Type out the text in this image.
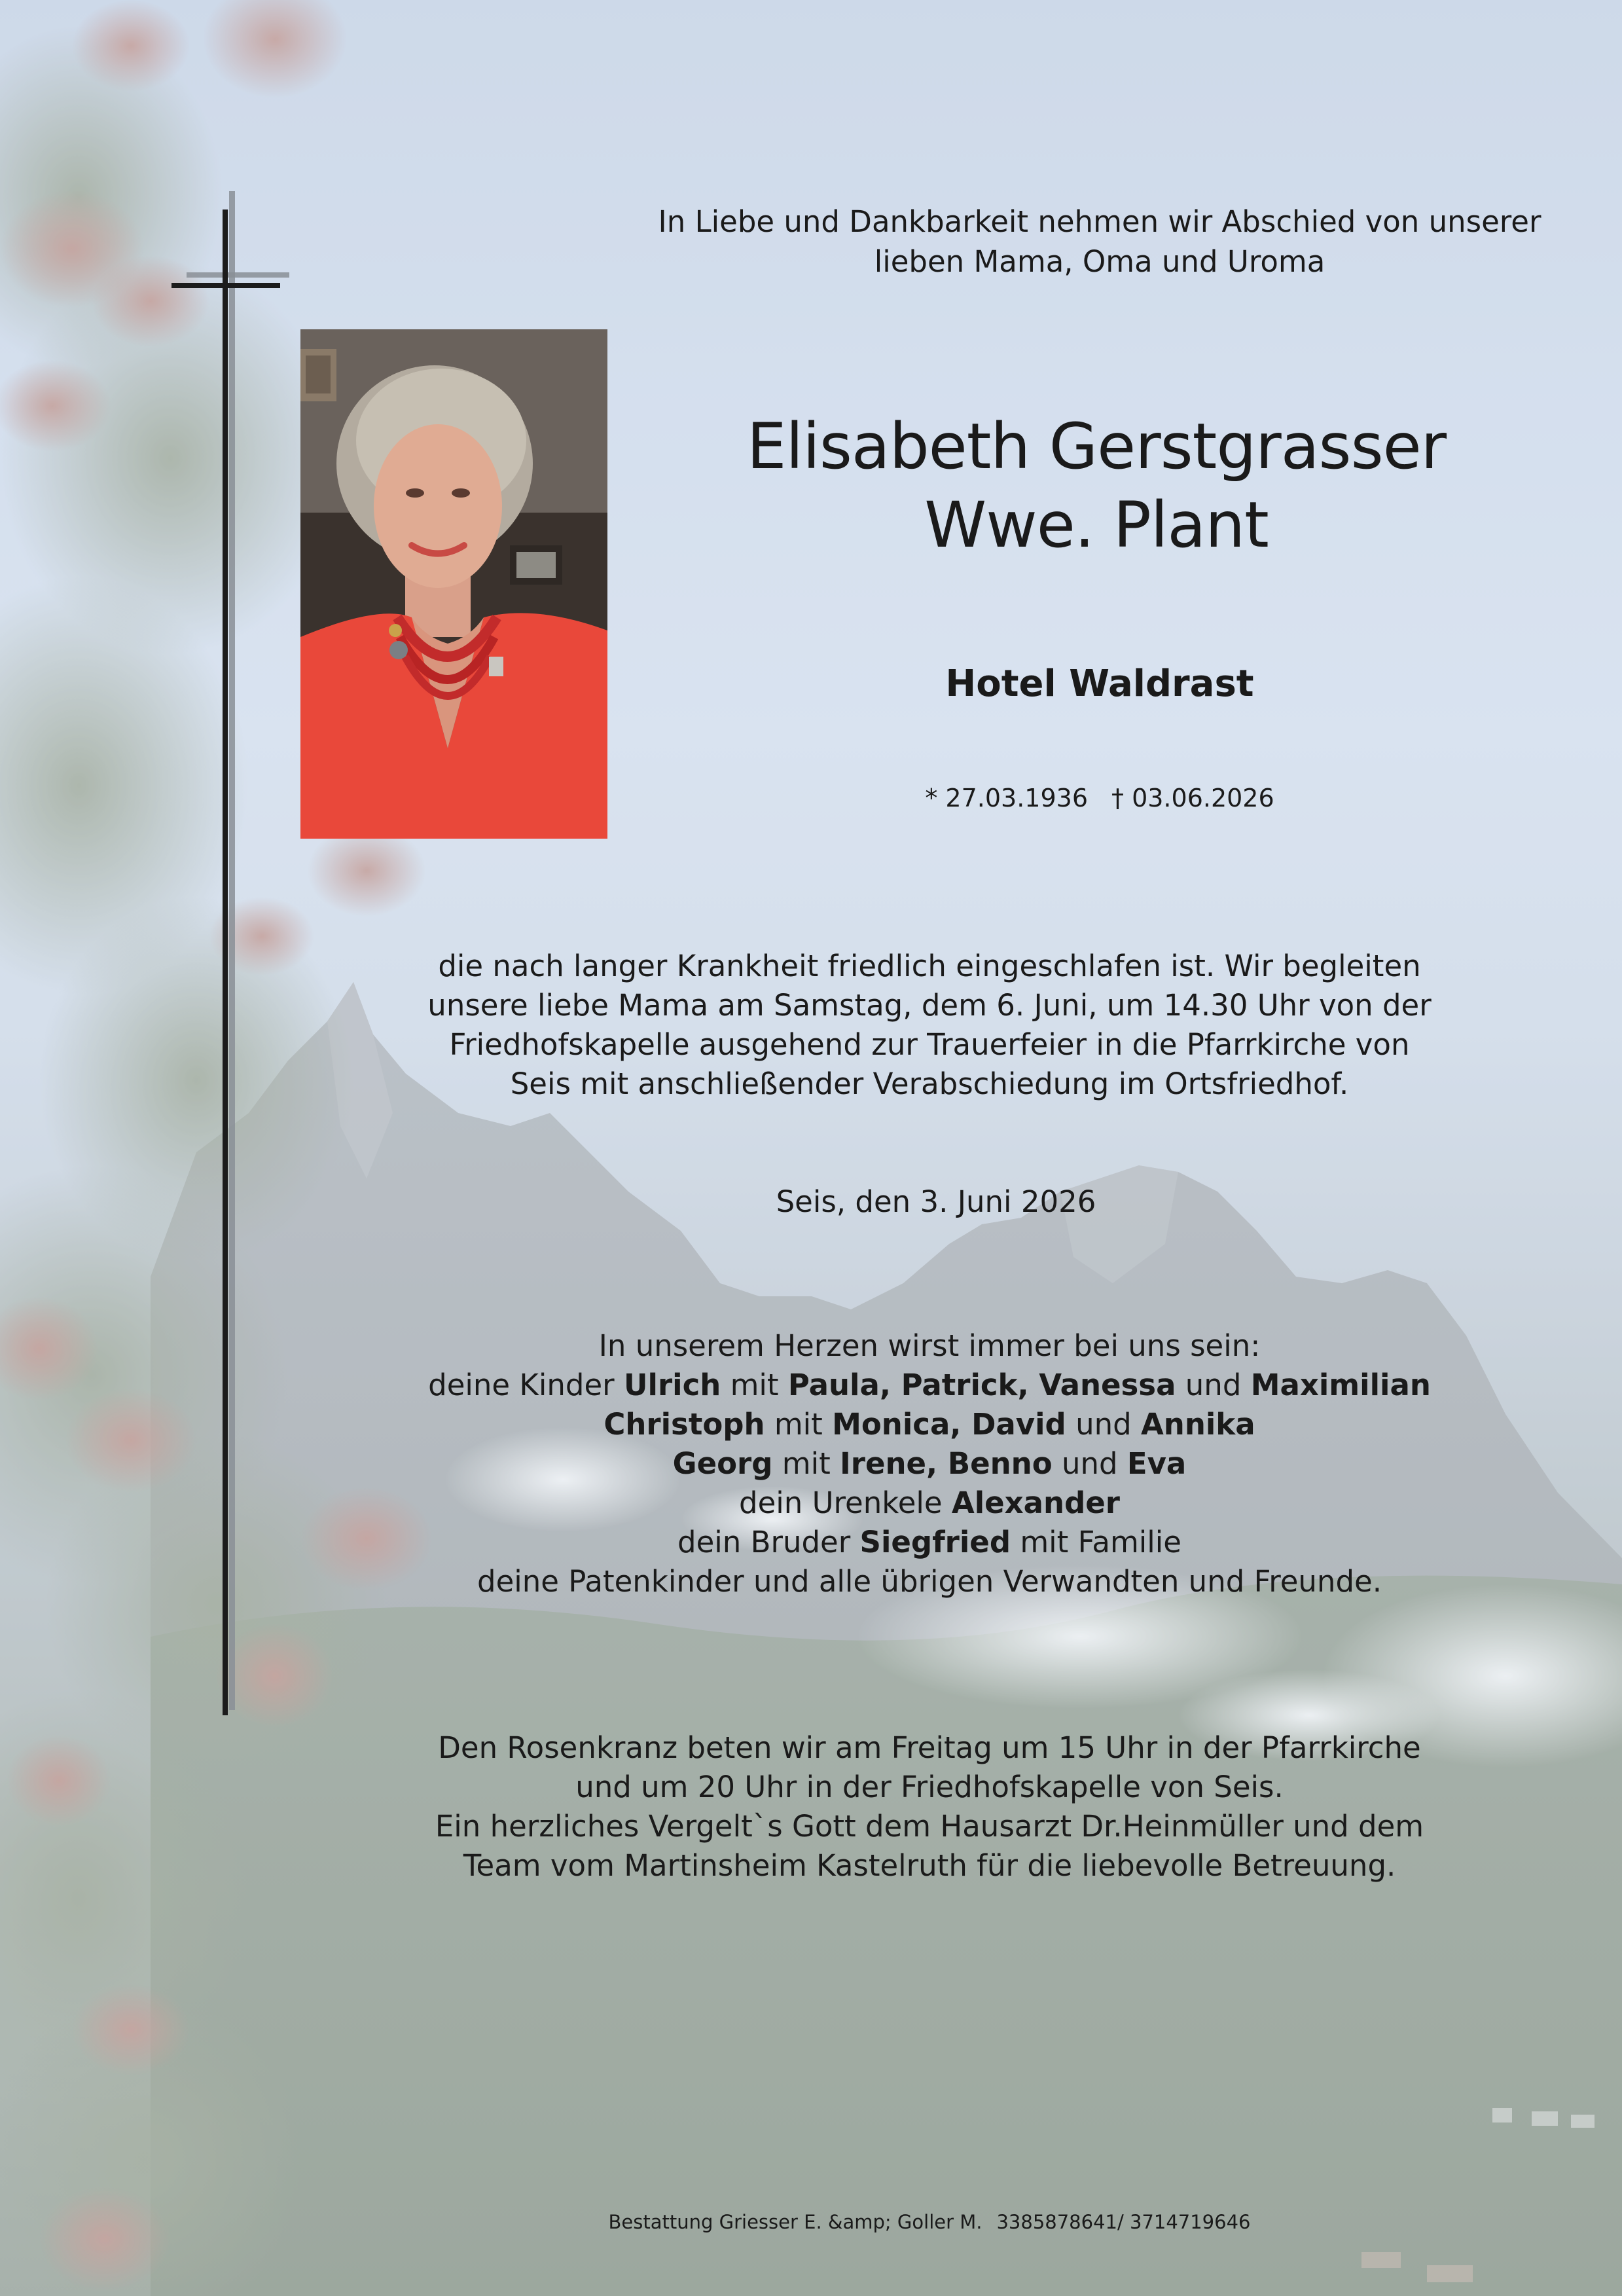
In Liebe und Dankbarkeit nehmen wir Abschied von unserer
lieben Mama, Oma und Uroma
Elisabeth Gerstgrasser
Wwe. Plant
Hotel Waldrast
* 27.03.1936 † 03.06.2026
die nach langer Krankheit friedlich eingeschlafen ist. Wir begleiten
unsere liebe Mama am Samstag, dem 6. Juni, um 14.30 Uhr von der
Friedhofskapelle ausgehend zur Trauerfeier in die Pfarrkirche von
Seis mit anschließender Verabschiedung im Ortsfriedhof.
Seis, den 3. Juni 2026
In unserem Herzen wirst immer bei uns sein:
deine Kinder Ulrich mit Paula, Patrick, Vanessa und Maximilian
Christoph mit Monica, David und Annika
Georg mit Irene, Benno und Eva
dein Urenkele Alexander
dein Bruder Siegfried mit Familie
deine Patenkinder und alle übrigen Verwandten und Freunde.
Den Rosenkranz beten wir am Freitag um 15 Uhr in der Pfarrkirche
und um 20 Uhr in der Friedhofskapelle von Seis.
Ein herzliches Vergelt`s Gott dem Hausarzt Dr.Heinmüller und dem
Team vom Martinsheim Kastelruth für die liebevolle Betreuung.
Bestattung Griesser E. &amp; Goller M. 3385878641/ 3714719646
